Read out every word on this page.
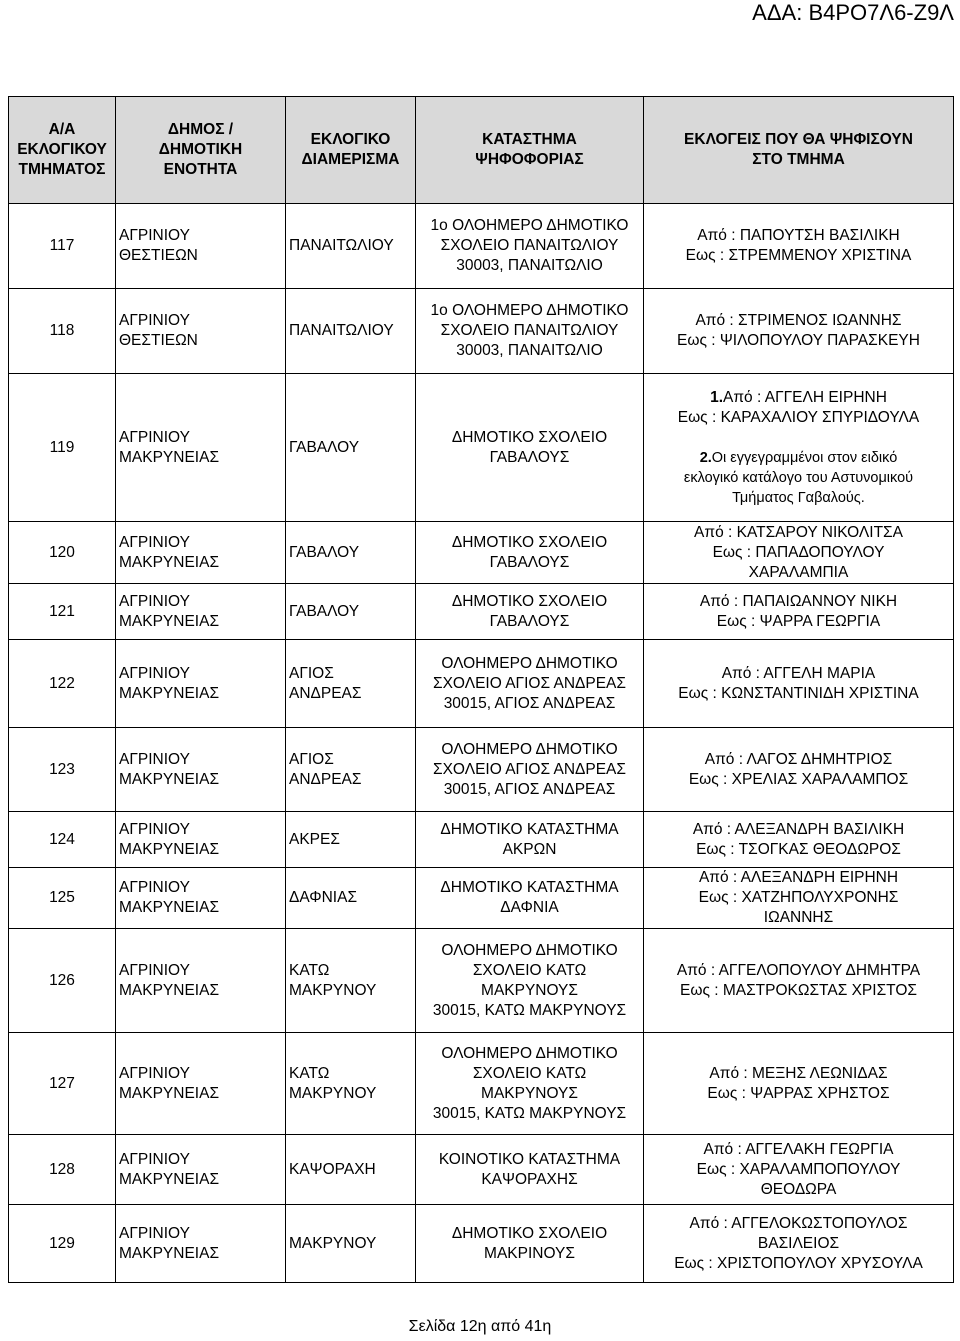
ΑΔΑ: Β4ΡΟ7Λ6-Ζ9Λ
Α/Α
ΕΚΛΟΓΙΚΟΥ
ΤΜΗΜΑΤΟΣ	ΔΗΜΟΣ /
ΔΗΜΟΤΙΚΗ
ΕΝΟΤΗΤΑ	ΕΚΛΟΓΙΚΟ
ΔΙΑΜΕΡΙΣΜΑ	ΚΑΤΑΣΤΗΜΑ
ΨΗΦΟΦΟΡΙΑΣ	ΕΚΛΟΓΕΙΣ ΠΟΥ ΘΑ ΨΗΦΙΣΟΥΝ
ΣΤΟ ΤΜΗΜΑ

117	ΑΓΡΙΝΙΟΥ
ΘΕΣΤΙΕΩΝ	ΠΑΝΑΙΤΩΛΙΟΥ	1ο ΟΛΟΗΜΕΡΟ ΔΗΜΟΤΙΚΟ
ΣΧΟΛΕΙΟ ΠΑΝΑΙΤΩΛΙΟΥ
30003, ΠΑΝΑΙΤΩΛΙΟ	Από : ΠΑΠΟΥΤΣΗ ΒΑΣΙΛΙΚΗ
Εως : ΣΤΡΕΜΜΕΝΟΥ ΧΡΙΣΤΙΝΑ

118	ΑΓΡΙΝΙΟΥ
ΘΕΣΤΙΕΩΝ	ΠΑΝΑΙΤΩΛΙΟΥ	1ο ΟΛΟΗΜΕΡΟ ΔΗΜΟΤΙΚΟ
ΣΧΟΛΕΙΟ ΠΑΝΑΙΤΩΛΙΟΥ
30003, ΠΑΝΑΙΤΩΛΙΟ	Από : ΣΤΡΙΜΕΝΟΣ ΙΩΑΝΝΗΣ
Εως : ΨΙΛΟΠΟΥΛΟΥ ΠΑΡΑΣΚΕΥΗ

119	ΑΓΡΙΝΙΟΥ
ΜΑΚΡΥΝΕΙΑΣ	ΓΑΒΑΛΟΥ	ΔΗΜΟΤΙΚΟ ΣΧΟΛΕΙΟ
ΓΑΒΑΛΟΥΣ	1.Από : ΑΓΓΕΛΗ ΕΙΡΗΝΗ
Εως : ΚΑΡΑΧΑΛΙΟΥ ΣΠΥΡΙΔΟΥΛΑ
2.Οι εγγεγραμμένοι στον ειδικό
εκλογικό κατάλογο του Αστυνομικού
Τμήματος Γαβαλούς.

120	ΑΓΡΙΝΙΟΥ
ΜΑΚΡΥΝΕΙΑΣ	ΓΑΒΑΛΟΥ	ΔΗΜΟΤΙΚΟ ΣΧΟΛΕΙΟ
ΓΑΒΑΛΟΥΣ	Από : ΚΑΤΣΑΡΟΥ ΝΙΚΟΛΙΤΣΑ
Εως : ΠΑΠΑΔΟΠΟΥΛΟΥ
ΧΑΡΑΛΑΜΠΙΑ

121	ΑΓΡΙΝΙΟΥ
ΜΑΚΡΥΝΕΙΑΣ	ΓΑΒΑΛΟΥ	ΔΗΜΟΤΙΚΟ ΣΧΟΛΕΙΟ
ΓΑΒΑΛΟΥΣ	Από : ΠΑΠΑΙΩΑΝΝΟΥ ΝΙΚΗ
Εως : ΨΑΡΡΑ ΓΕΩΡΓΙΑ

122	ΑΓΡΙΝΙΟΥ
ΜΑΚΡΥΝΕΙΑΣ	ΑΓΙΟΣ
ΑΝΔΡΕΑΣ	ΟΛΟΗΜΕΡΟ ΔΗΜΟΤΙΚΟ
ΣΧΟΛΕΙΟ ΑΓΙΟΣ ΑΝΔΡΕΑΣ
30015, ΑΓΙΟΣ ΑΝΔΡΕΑΣ	Από : ΑΓΓΕΛΗ ΜΑΡΙΑ
Εως : ΚΩΝΣΤΑΝΤΙΝΙΔΗ ΧΡΙΣΤΙΝΑ

123	ΑΓΡΙΝΙΟΥ
ΜΑΚΡΥΝΕΙΑΣ	ΑΓΙΟΣ
ΑΝΔΡΕΑΣ	ΟΛΟΗΜΕΡΟ ΔΗΜΟΤΙΚΟ
ΣΧΟΛΕΙΟ ΑΓΙΟΣ ΑΝΔΡΕΑΣ
30015, ΑΓΙΟΣ ΑΝΔΡΕΑΣ	Από : ΛΑΓΟΣ ΔΗΜΗΤΡΙΟΣ
Εως : ΧΡΕΛΙΑΣ ΧΑΡΑΛΑΜΠΟΣ

124	ΑΓΡΙΝΙΟΥ
ΜΑΚΡΥΝΕΙΑΣ	ΑΚΡΕΣ	ΔΗΜΟΤΙΚΟ ΚΑΤΑΣΤΗΜΑ
ΑΚΡΩΝ	Από : ΑΛΕΞΑΝΔΡΗ ΒΑΣΙΛΙΚΗ
Εως : ΤΣΟΓΚΑΣ ΘΕΟΔΩΡΟΣ

125	ΑΓΡΙΝΙΟΥ
ΜΑΚΡΥΝΕΙΑΣ	ΔΑΦΝΙΑΣ	ΔΗΜΟΤΙΚΟ ΚΑΤΑΣΤΗΜΑ
ΔΑΦΝΙΑ	Από : ΑΛΕΞΑΝΔΡΗ ΕΙΡΗΝΗ
Εως : ΧΑΤΖΗΠΟΛΥΧΡΟΝΗΣ
ΙΩΑΝΝΗΣ

126	ΑΓΡΙΝΙΟΥ
ΜΑΚΡΥΝΕΙΑΣ	ΚΑΤΩ
ΜΑΚΡΥΝΟΥ	ΟΛΟΗΜΕΡΟ ΔΗΜΟΤΙΚΟ
ΣΧΟΛΕΙΟ ΚΑΤΩ
ΜΑΚΡΥΝΟΥΣ
30015, ΚΑΤΩ ΜΑΚΡΥΝΟΥΣ	Από : ΑΓΓΕΛΟΠΟΥΛΟΥ ΔΗΜΗΤΡΑ
Εως : ΜΑΣΤΡΟΚΩΣΤΑΣ ΧΡΙΣΤΟΣ

127	ΑΓΡΙΝΙΟΥ
ΜΑΚΡΥΝΕΙΑΣ	ΚΑΤΩ
ΜΑΚΡΥΝΟΥ	ΟΛΟΗΜΕΡΟ ΔΗΜΟΤΙΚΟ
ΣΧΟΛΕΙΟ ΚΑΤΩ
ΜΑΚΡΥΝΟΥΣ
30015, ΚΑΤΩ ΜΑΚΡΥΝΟΥΣ	Από : ΜΕΞΗΣ ΛΕΩΝΙΔΑΣ
Εως : ΨΑΡΡΑΣ ΧΡΗΣΤΟΣ

128	ΑΓΡΙΝΙΟΥ
ΜΑΚΡΥΝΕΙΑΣ	ΚΑΨΟΡΑΧΗ	ΚΟΙΝΟΤΙΚΟ ΚΑΤΑΣΤΗΜΑ
ΚΑΨΟΡΑΧΗΣ	Από : ΑΓΓΕΛΑΚΗ ΓΕΩΡΓΙΑ
Εως : ΧΑΡΑΛΑΜΠΟΠΟΥΛΟΥ
ΘΕΟΔΩΡΑ

129	ΑΓΡΙΝΙΟΥ
ΜΑΚΡΥΝΕΙΑΣ	ΜΑΚΡΥΝΟΥ	ΔΗΜΟΤΙΚΟ ΣΧΟΛΕΙΟ
ΜΑΚΡΙΝΟΥΣ	Από : ΑΓΓΕΛΟΚΩΣΤΟΠΟΥΛΟΣ
ΒΑΣΙΛΕΙΟΣ
Εως : ΧΡΙΣΤΟΠΟΥΛΟΥ ΧΡΥΣΟΥΛΑ
Σελίδα 12η από 41η
